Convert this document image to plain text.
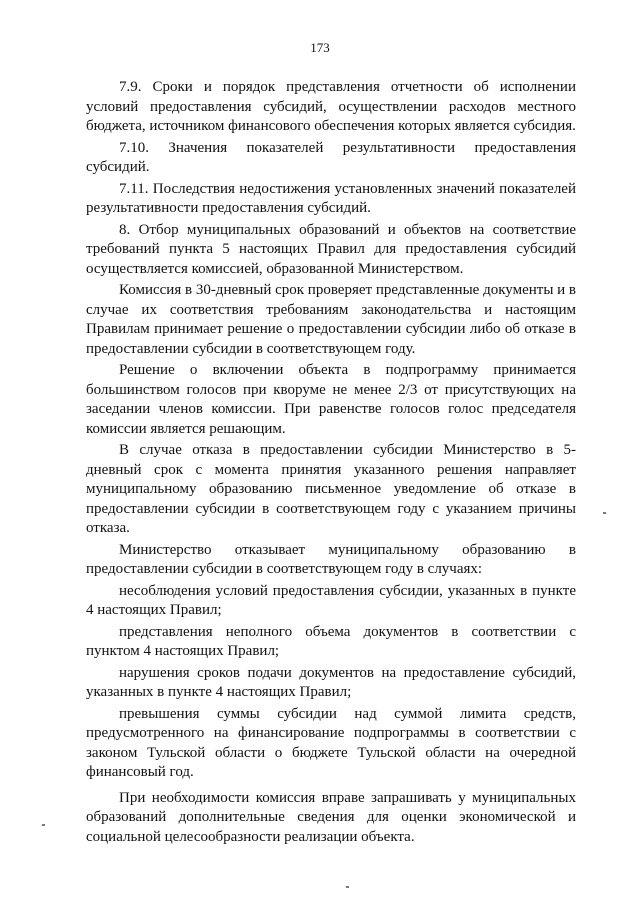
173

7.9. Сроки и порядок представления отчетности об исполнении условий предоставления субсидий, осуществлении расходов местного бюджета, источником финансового обеспечения которых является субсидия.

7.10. Значения показателей результативности предоставления субсидий.

7.11. Последствия недостижения установленных значений показателей результативности предоставления субсидий.

8. Отбор муниципальных образований и объектов на соответствие требований пункта 5 настоящих Правил для предоставления субсидий осуществляется комиссией, образованной Министерством.

Комиссия в 30-дневный срок проверяет представленные документы и в случае их соответствия требованиям законодательства и настоящим Правилам принимает решение о предоставлении субсидии либо об отказе в предоставлении субсидии в соответствующем году.

Решение о включении объекта в подпрограмму принимается большинством голосов при кворуме не менее 2/3 от присутствующих на заседании членов комиссии. При равенстве голосов голос председателя комиссии является решающим.

В случае отказа в предоставлении субсидии Министерство в 5-дневный срок с момента принятия указанного решения направляет муниципальному образованию письменное уведомление об отказе в предоставлении субсидии в соответствующем году с указанием причины отказа.

Министерство отказывает муниципальному образованию в предоставлении субсидии в соответствующем году в случаях:

несоблюдения условий предоставления субсидии, указанных в пункте 4 настоящих Правил;

представления неполного объема документов в соответствии с пунктом 4 настоящих Правил;

нарушения сроков подачи документов на предоставление субсидий, указанных в пункте 4 настоящих Правил;

превышения суммы субсидии над суммой лимита средств, предусмотренного на финансирование подпрограммы в соответствии с законом Тульской области о бюджете Тульской области на очередной финансовый год.

При необходимости комиссия вправе запрашивать у муниципальных образований дополнительные сведения для оценки экономической и социальной целесообразности реализации объекта.
